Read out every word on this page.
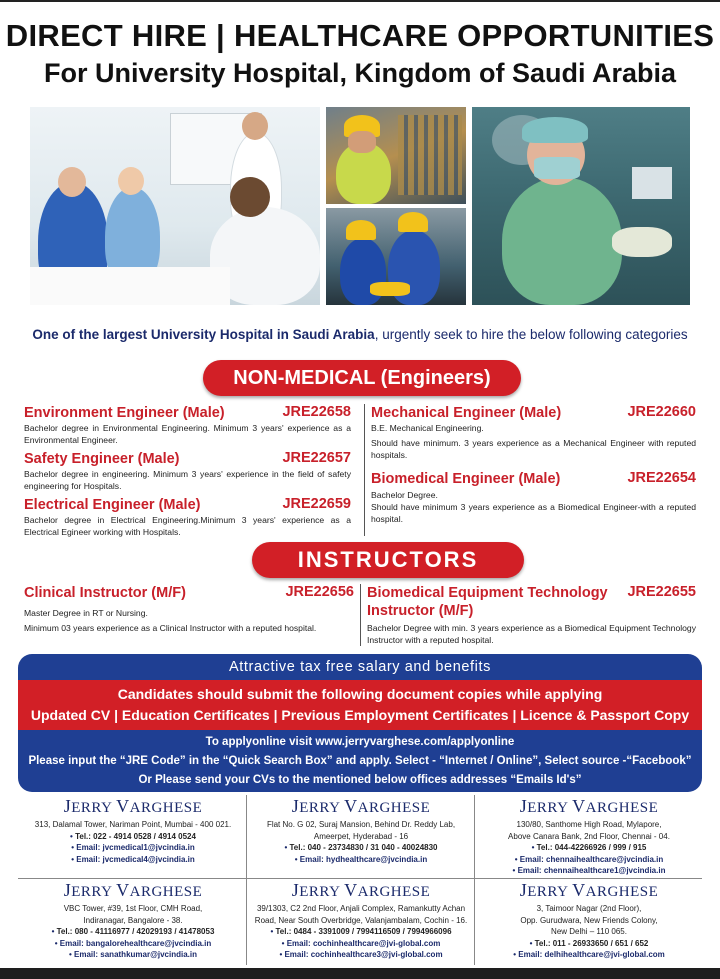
DIRECT HIRE | HEALTHCARE OPPORTUNITIES
For University Hospital, Kingdom of Saudi Arabia
One of the largest University Hospital in Saudi Arabia, urgently seek to hire the below following categories
NON-MEDICAL (Engineers)
Environment Engineer (Male)	JRE22658
Bachelor degree in Environmental Engineering. Minimum 3 years' experience as a Environmental Engineer.
Safety Engineer (Male)	JRE22657
Bachelor degree in engineering. Minimum 3 years' experience in the field of safety engineering for Hospitals.
Electrical Engineer (Male)	JRE22659
Bachelor degree in Electrical Engineering.Minimum 3 years' experience as a Electrical Egineer working with Hospitals.
Mechanical Engineer (Male)	JRE22660
B.E. Mechanical Engineering.
Should have minimum. 3 years experience as a Mechanical Engineer with reputed hospitals.
Biomedical Engineer (Male)	JRE22654
Bachelor Degree.
Should have minimum 3 years experience as a Biomedical Engineer-with a reputed hospital.
INSTRUCTORS
Clinical Instructor (M/F)	JRE22656
Master Degree in RT or Nursing.
Minimum 03 years experience as a Clinical Instructor with a reputed hospital.
Biomedical Equipment Technology	JRE22655
Instructor (M/F)
Bachelor Degree with min. 3 years experience as a Biomedical Equipment Technology Instructor with a reputed hospital.
Attractive tax free salary and benefits
Candidates should submit the following document copies while applying
Updated CV | Education Certificates | Previous Employment Certificates | Licence & Passport Copy
To applyonline visit www.jerryvarghese.com/applyonline
Please input the “JRE Code” in the “Quick Search Box” and apply. Select - “Internet / Online”, Select source -“Facebook”
Or Please send your CVs to the mentioned below offices addresses “Emails Id's”
JERRY VARGHESE
313, Dalamal Tower, Nariman Point, Mumbai - 400 021.
• Tel.: 022 - 4914 0528 / 4914 0524
• Email: jvcmedical1@jvcindia.in
• Email: jvcmedical4@jvcindia.in
JERRY VARGHESE
Flat No. G 02, Suraj Mansion, Behind Dr. Reddy Lab,
Ameerpet, Hyderabad - 16
• Tel.: 040 - 23734830 / 31 040 - 40024830
• Email: hydhealthcare@jvcindia.in
JERRY VARGHESE
130/80, Santhome High Road, Mylapore,
Above Canara Bank, 2nd Floor, Chennai - 04.
• Tel.: 044-42266926 / 999 / 915
• Email: chennaihealthcare@jvcindia.in
• Email: chennaihealthcare1@jvcindia.in
JERRY VARGHESE
VBC Tower, #39, 1st Floor, CMH Road,
Indiranagar, Bangalore - 38.
• Tel.: 080 - 41116977 / 42029193 / 41478053
• Email: bangalorehealthcare@jvcindia.in
• Email: sanathkumar@jvcindia.in
JERRY VARGHESE
39/1303, C2 2nd Floor, Anjali Complex, Ramankutty Achan
Road, Near South Overbridge, Valanjambalam, Cochin - 16.
• Tel.: 0484 - 3391009 / 7994116509 / 7994966096
• Email: cochinhealthcare@jvi-global.com
• Email: cochinhealthcare3@jvi-global.com
JERRY VARGHESE
3, Taimoor Nagar (2nd Floor),
Opp. Gurudwara, New Friends Colony,
New Delhi – 110 065.
• Tel.: 011 - 26933650 / 651 / 652
• Email: delhihealthcare@jvi-global.com
